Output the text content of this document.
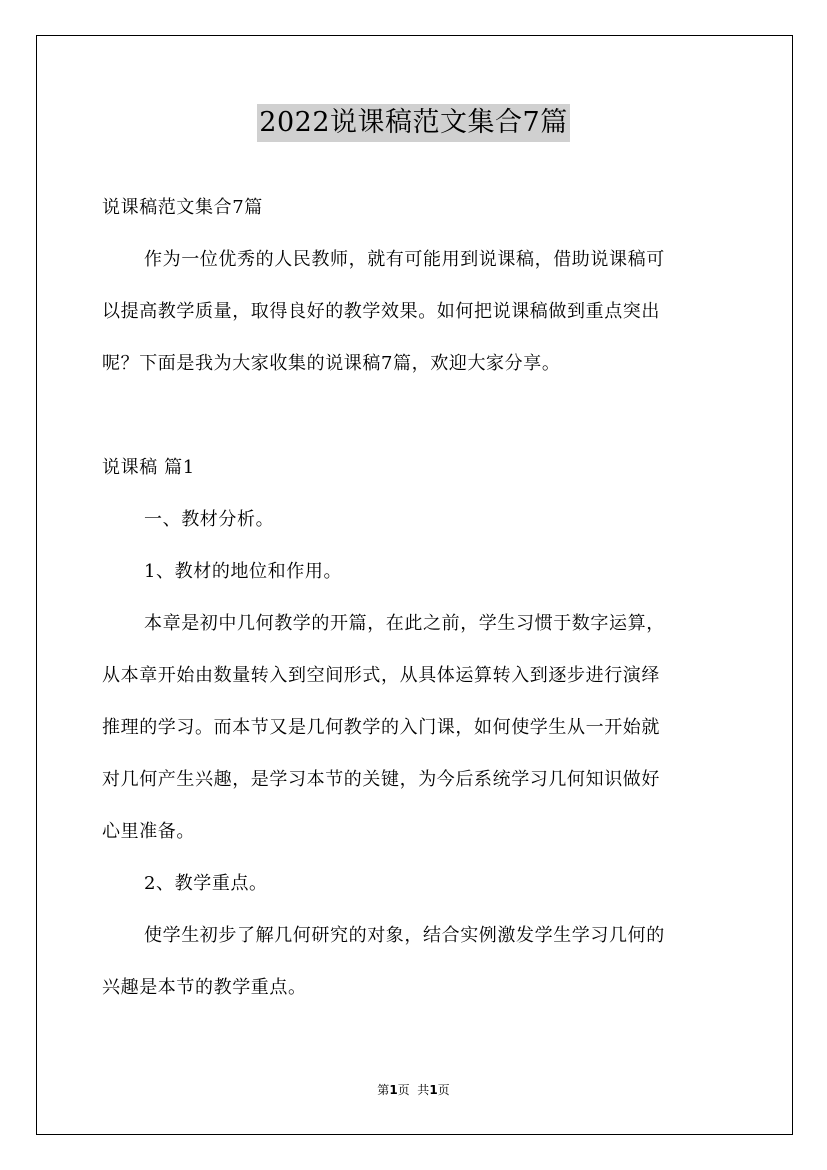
2022说课稿范文集合7篇
说课稿范文集合7篇
作为一位优秀的人民教师，就有可能用到说课稿，借助说课稿可
以提高教学质量，取得良好的教学效果。如何把说课稿做到重点突出
呢？下面是我为大家收集的说课稿7篇，欢迎大家分享。
说课稿 篇1
一、教材分析。
1、教材的地位和作用。
本章是初中几何教学的开篇，在此之前，学生习惯于数字运算，
从本章开始由数量转入到空间形式，从具体运算转入到逐步进行演绎
推理的学习。而本节又是几何教学的入门课，如何使学生从一开始就
对几何产生兴趣，是学习本节的关键，为今后系统学习几何知识做好
心里准备。
2、教学重点。
使学生初步了解几何研究的对象，结合实例激发学生学习几何的
兴趣是本节的教学重点。
第1页  共1页
